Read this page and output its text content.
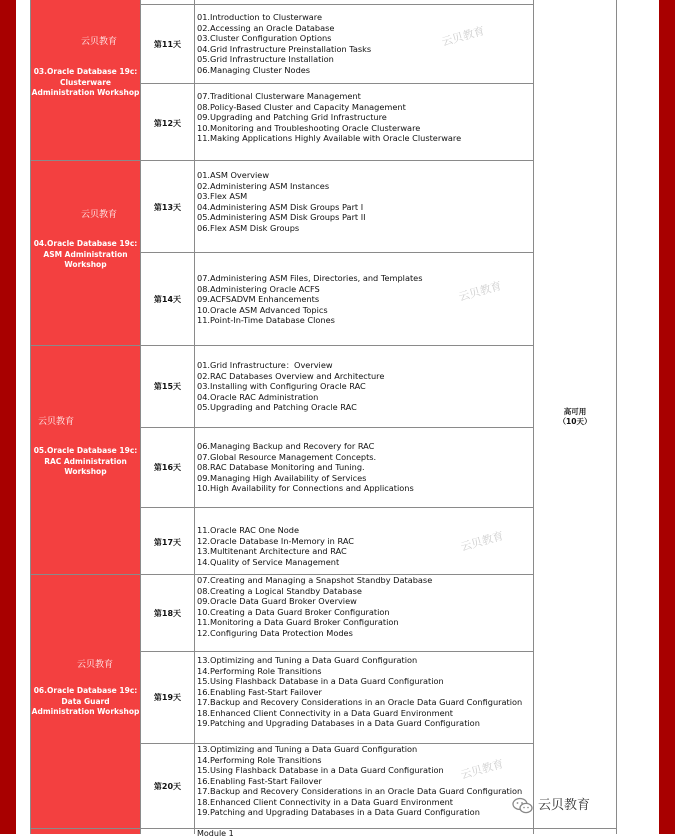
云贝教育
03.Oracle Database 19c:
Clusterware
Administration Workshop
云贝教育
04.Oracle Database 19c:
ASM Administration
Workshop
云贝教育
05.Oracle Database 19c:
RAC Administration
Workshop
云贝教育
06.Oracle Database 19c:
Data Guard
Administration Workshop
第11天
第12天
第13天
第14天
第15天
第16天
第17天
第18天
第19天
第20天
01.Introduction to Clusterware
02.Accessing an Oracle Database
03.Cluster Configuration Options
04.Grid Infrastructure Preinstallation Tasks
05.Grid Infrastructure Installation
06.Managing Cluster Nodes
07.Traditional Clusterware Management
08.Policy-Based Cluster and Capacity Management
09.Upgrading and Patching Grid Infrastructure
10.Monitoring and Troubleshooting Oracle Clusterware
11.Making Applications Highly Available with Oracle Clusterware
01.ASM Overview
02.Administering ASM Instances
03.Flex ASM
04.Administering ASM Disk Groups Part I
05.Administering ASM Disk Groups Part II
06.Flex ASM Disk Groups
07.Administering ASM Files, Directories, and Templates
08.Administering Oracle ACFS
09.ACFSADVM Enhancements
10.Oracle ASM Advanced Topics
11.Point-In-Time Database Clones
01.Grid Infrastructure：Overview
02.RAC Databases Overview and Architecture
03.Installing with Configuring Oracle RAC
04.Oracle RAC Administration
05.Upgrading and Patching Oracle RAC
06.Managing Backup and Recovery for RAC
07.Global Resource Management Concepts.
08.RAC Database Monitoring and Tuning.
09.Managing High Availability of Services
10.High Availability for Connections and Applications
11.Oracle RAC One Node
12.Oracle Database In-Memory in RAC
13.Multitenant Architecture and RAC
14.Quality of Service Management
07.Creating and Managing a Snapshot Standby Database
08.Creating a Logical Standby Database
09.Oracle Data Guard Broker Overview
10.Creating a Data Guard Broker Configuration
11.Monitoring a Data Guard Broker Configuration
12.Configuring Data Protection Modes
13.Optimizing and Tuning a Data Guard Configuration
14.Performing Role Transitions
15.Using Flashback Database in a Data Guard Configuration
16.Enabling Fast-Start Failover
17.Backup and Recovery Considerations in an Oracle Data Guard Configuration
18.Enhanced Client Connectivity in a Data Guard Environment
19.Patching and Upgrading Databases in a Data Guard Configuration
13.Optimizing and Tuning a Data Guard Configuration
14.Performing Role Transitions
15.Using Flashback Database in a Data Guard Configuration
16.Enabling Fast-Start Failover
17.Backup and Recovery Considerations in an Oracle Data Guard Configuration
18.Enhanced Client Connectivity in a Data Guard Environment
19.Patching and Upgrading Databases in a Data Guard Configuration
云贝教育
云贝教育
云贝教育
云贝教育
高可用
（10天）
云贝教育
Module 1
